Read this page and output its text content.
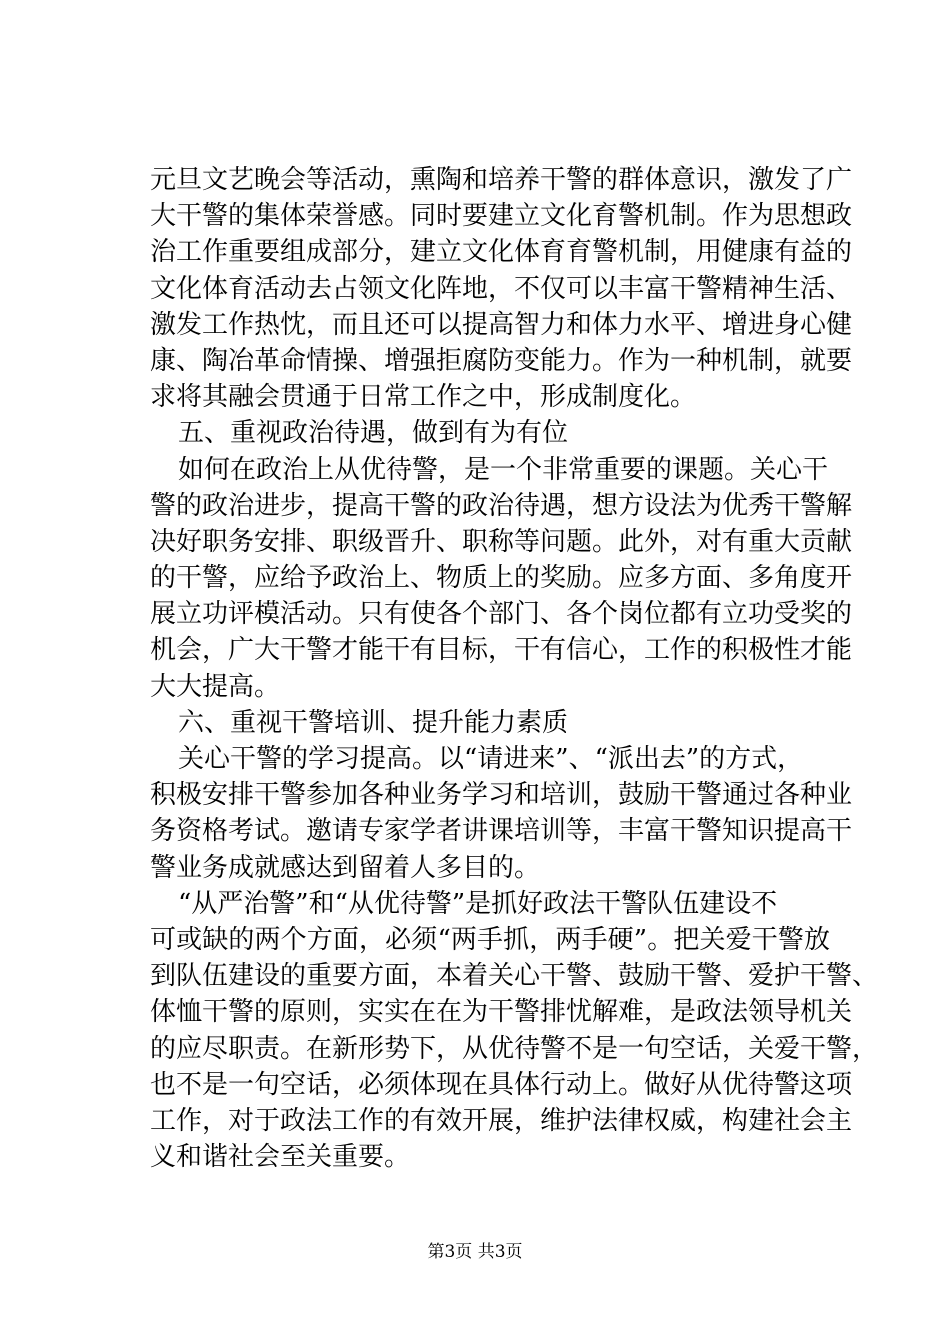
元旦文艺晚会等活动，熏陶和培养干警的群体意识，激发了广
大干警的集体荣誉感。同时要建立文化育警机制。作为思想政
治工作重要组成部分，建立文化体育育警机制，用健康有益的
文化体育活动去占领文化阵地，不仅可以丰富干警精神生活、
激发工作热忱，而且还可以提高智力和体力水平、增进身心健
康、陶冶革命情操、增强拒腐防变能力。作为一种机制，就要
求将其融会贯通于日常工作之中，形成制度化。
五、重视政治待遇，做到有为有位
如何在政治上从优待警，是一个非常重要的课题。关心干
警的政治进步，提高干警的政治待遇，想方设法为优秀干警解
决好职务安排、职级晋升、职称等问题。此外，对有重大贡献
的干警，应给予政治上、物质上的奖励。应多方面、多角度开
展立功评模活动。只有使各个部门、各个岗位都有立功受奖的
机会，广大干警才能干有目标，干有信心，工作的积极性才能
大大提高。
六、重视干警培训、提升能力素质
关心干警的学习提高。以“请进来”、“派出去”的方式，
积极安排干警参加各种业务学习和培训，鼓励干警通过各种业
务资格考试。邀请专家学者讲课培训等，丰富干警知识提高干
警业务成就感达到留着人多目的。
“从严治警”和“从优待警”是抓好政法干警队伍建设不
可或缺的两个方面，必须“两手抓，两手硬”。把关爱干警放
到队伍建设的重要方面，本着关心干警、鼓励干警、爱护干警、
体恤干警的原则，实实在在为干警排忧解难，是政法领导机关
的应尽职责。在新形势下，从优待警不是一句空话，关爱干警，
也不是一句空话，必须体现在具体行动上。做好从优待警这项
工作，对于政法工作的有效开展，维护法律权威，构建社会主
义和谐社会至关重要。
第3页 共3页
